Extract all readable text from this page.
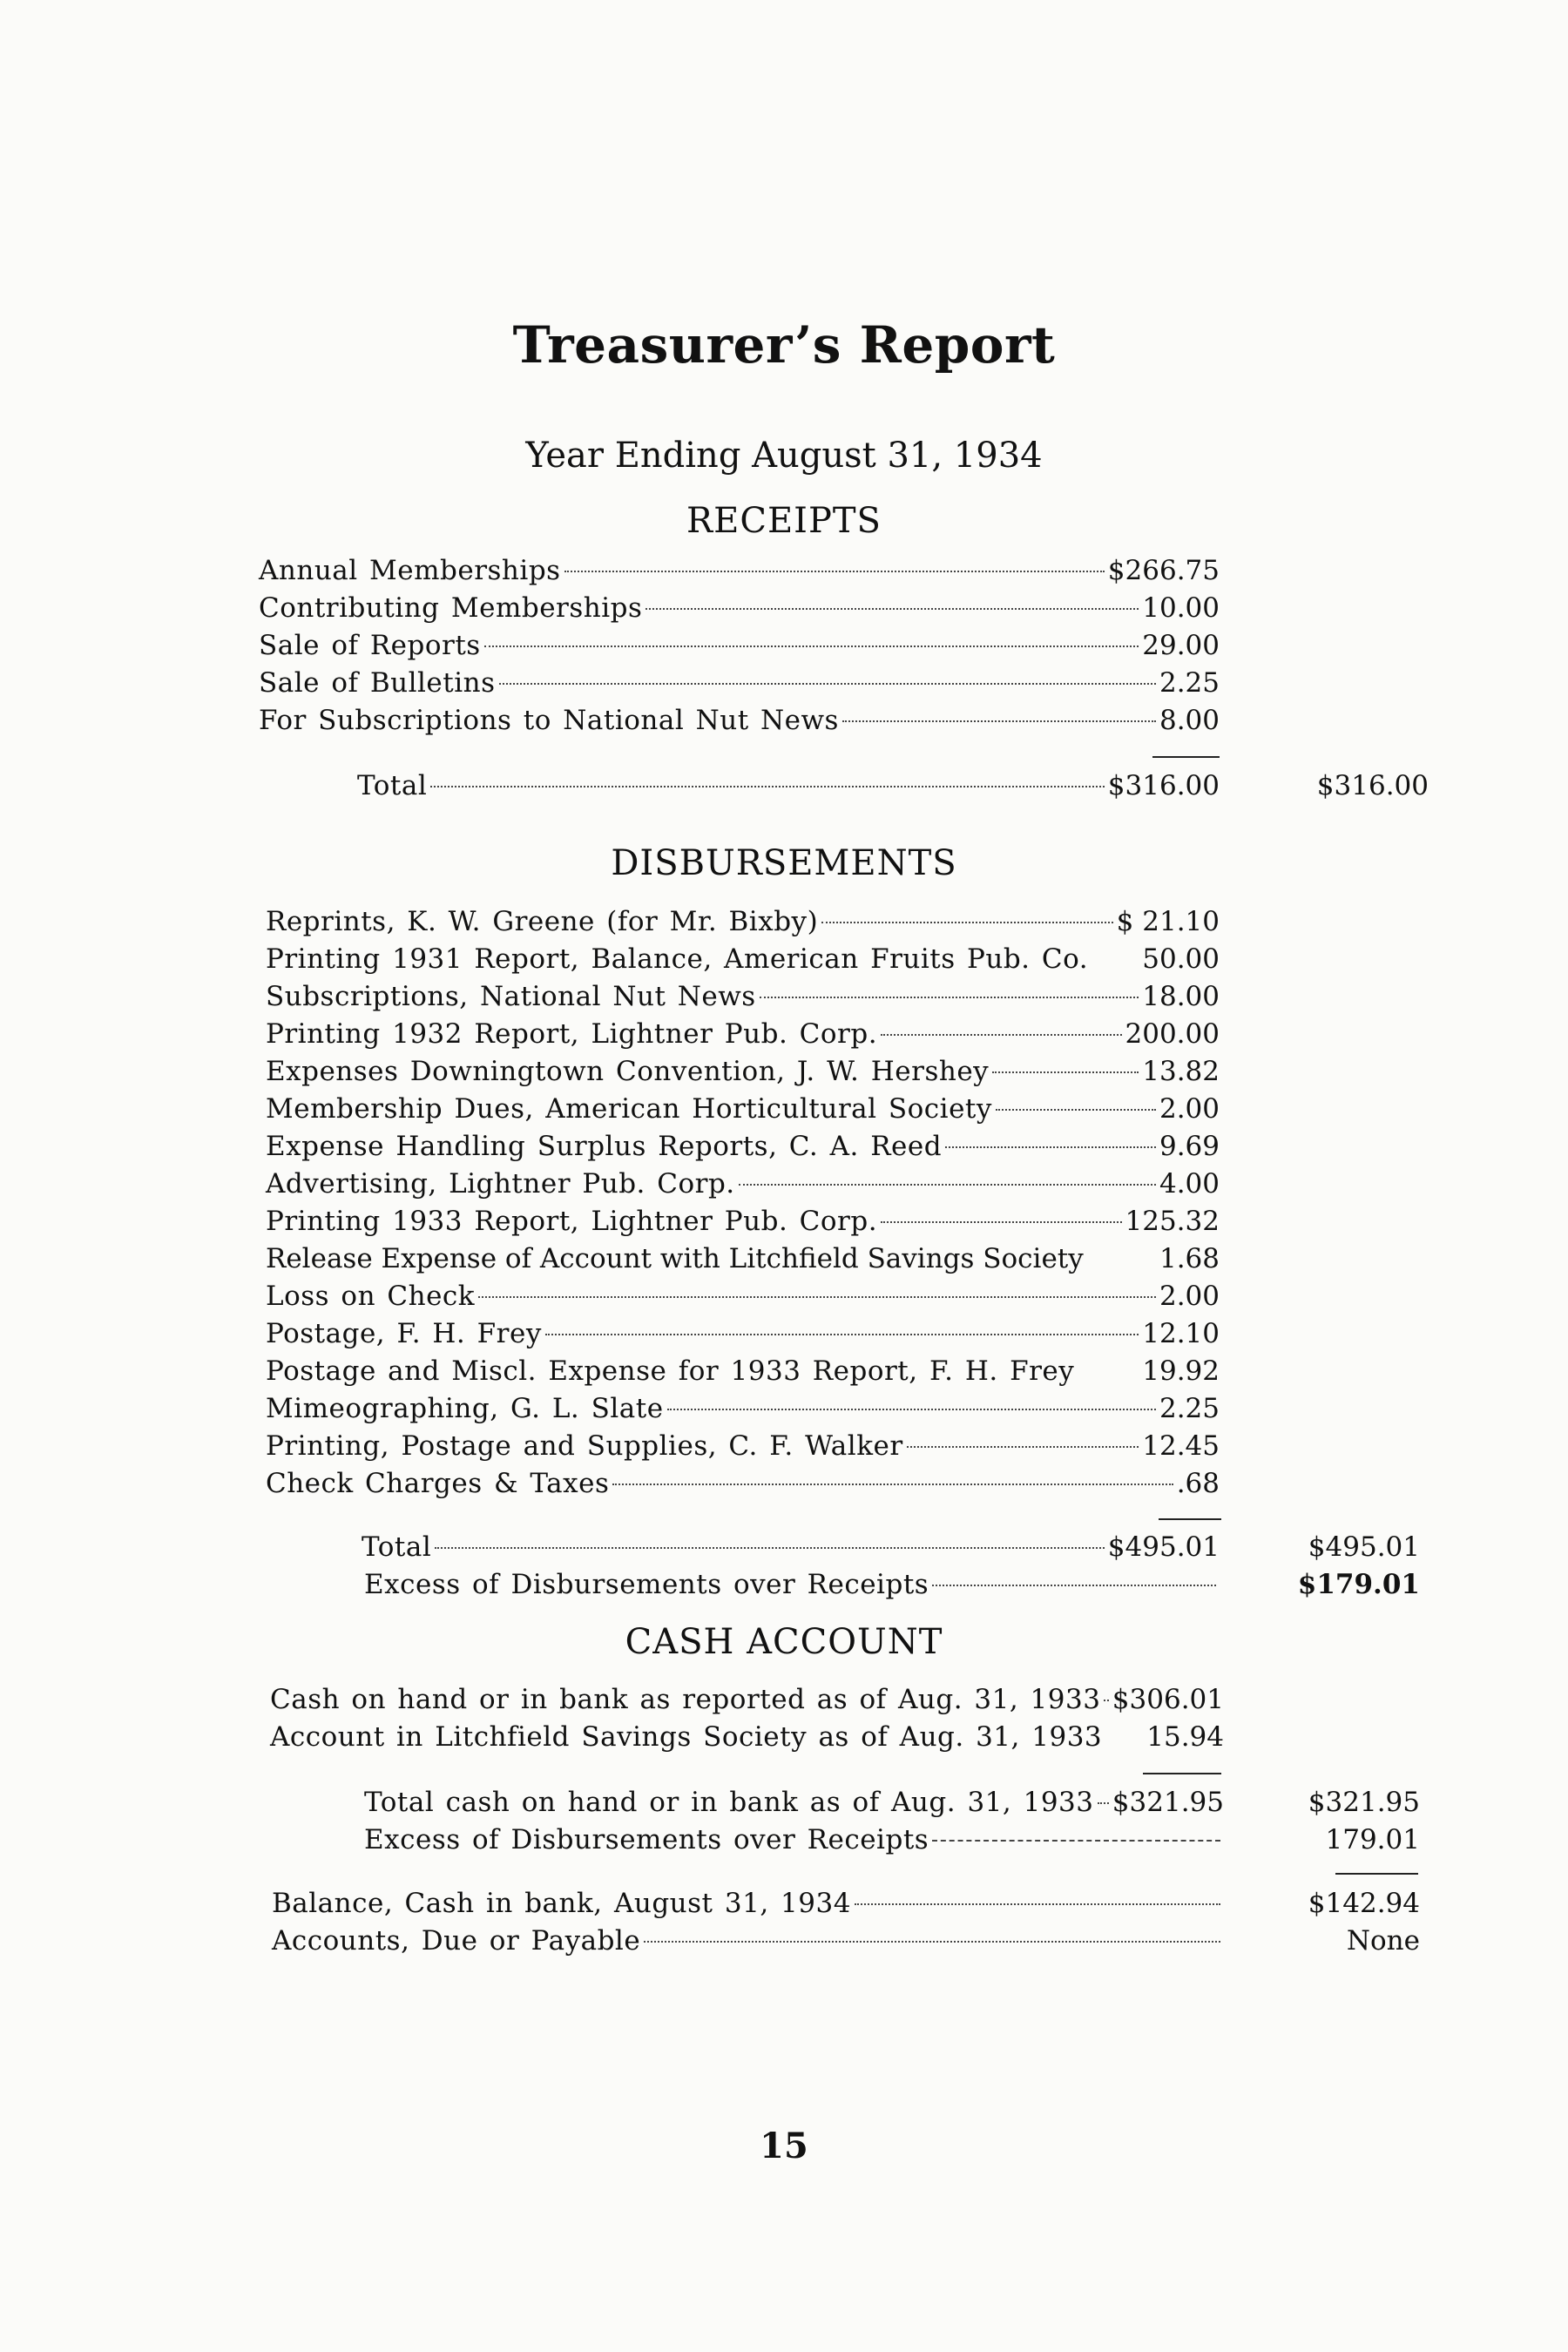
Treasurer’s Report
Year Ending August 31, 1934
RECEIPTS
Annual Memberships	$266.75
Contributing Memberships	10.00
Sale of Reports	29.00
Sale of Bulletins	2.25
For Subscriptions to National Nut News	8.00
Total	$316.00	$316.00
DISBURSEMENTS
Reprints, K. W. Greene (for Mr. Bixby)	$ 21.10
Printing 1931 Report, Balance, American Fruits Pub. Co. 50.00
Subscriptions, National Nut News	18.00
Printing 1932 Report, Lightner Pub. Corp.	200.00
Expenses Downingtown Convention, J. W. Hershey	13.82
Membership Dues, American Horticultural Society	2.00
Expense Handling Surplus Reports, C. A. Reed	9.69
Advertising, Lightner Pub. Corp.	4.00
Printing 1933 Report, Lightner Pub. Corp.	125.32
Release Expense of Account with Litchfield Savings Society	1.68
Loss on Check	2.00
Postage, F. H. Frey	12.10
Postage and Miscl. Expense for 1933 Report, F. H. Frey	19.92
Mimeographing, G. L. Slate	2.25
Printing, Postage and Supplies, C. F. Walker	12.45
Check Charges & Taxes	.68
Total	$495.01	$495.01
Excess of Disbursements over Receipts	$179.01
CASH ACCOUNT
Cash on hand or in bank as reported as of Aug. 31, 1933 $306.01
Account in Litchfield Savings Society as of Aug. 31, 1933 15.94
Total cash on hand or in bank as of Aug. 31, 1933 $321.95	$321.95
Excess of Disbursements over Receipts	179.01
Balance, Cash in bank, August 31, 1934	$142.94
Accounts, Due or Payable	None
15
